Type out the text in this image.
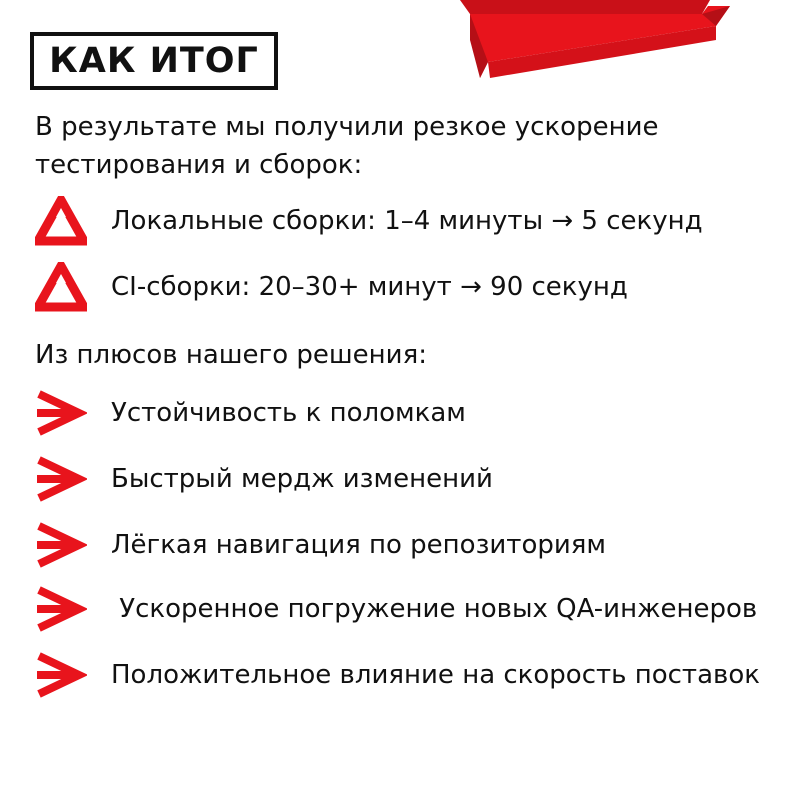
КАК ИТОГ
В результате мы получили резкое ускорение
тестирования и сборок:
Локальные сборки: 1–4 минуты → 5 секунд
CI-сборки: 20–30+ минут → 90 секунд
Из плюсов нашего решения:
Устойчивость к поломкам
Быстрый мердж изменений
Лёгкая навигация по репозиториям
Ускоренное погружение новых QA-инженеров
Положительное влияние на скорость поставок
